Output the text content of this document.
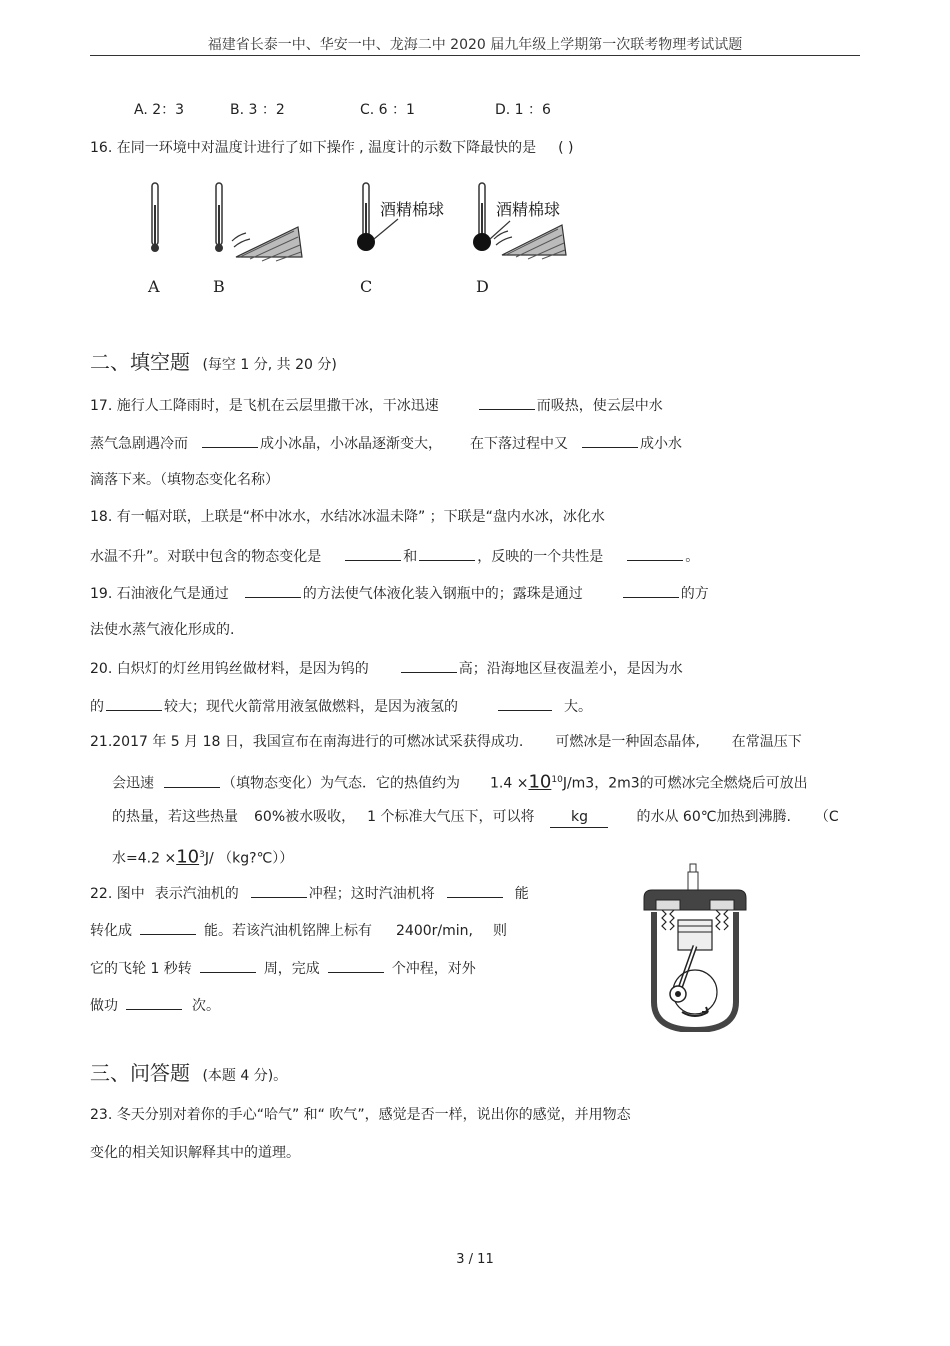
福建省长泰一中、华安一中、龙海二中 2020 届九年级上学期第一次联考物理考试试题
A. 2：3	B. 3 ：2	C. 6 ：1	D. 1 ：6
16. 在同一环境中对温度计进行了如下操作 , 温度计的示数下降最快的是 ( )
酒精棉球	酒精棉球
A	B	C	D
二、填空题 (每空 1 分, 共 20 分)
17. 施行人工降雨时，是飞机在云层里撒干冰，干冰迅速	而吸热，使云层中水
蒸气急剧遇冷而	成小冰晶，小冰晶逐渐变大， 在下落过程中又	成小水
滴落下来。（填物态变化名称）
18. 有一幅对联，上联是“杯中冰水，水结冰冰温未降” ；下联是“盘内水冰，冰化水
水温不升”。对联中包含的物态变化是	和	，反映的一个共性是	。
19. 石油液化气是通过	的方法使气体液化装入钢瓶中的；露珠是通过	的方
法使水蒸气液化形成的.
20. 白炽灯的灯丝用钨丝做材料，是因为钨的	高；沿海地区昼夜温差小，是因为水
的	较大；现代火箭常用液氢做燃料，是因为液氢的	大。
21.2017 年 5 月 18 日，我国宣布在南海进行的可燃冰试采获得成功. 可燃冰是一种固态晶体, 在常温压下
会迅速	（填物态变化）为气态．它的热值约为 $1.4 \times 10^{10}J/m3$，2m3的可燃冰完全燃烧后可放出
的热量，若这些热量 60%被水吸收， 1 个标准大气压下，可以将	kg	的水从 60℃加热到沸腾. （C
水$=4.2 \times 10^3J/$ （kg?℃））
22. 图中 表示汽油机的	冲程；这时汽油机将	能
转化成	能。若该汽油机铭牌上标有 2400r/min, 则
它的飞轮 1 秒转	周，完成	个冲程，对外
做功	次。
三、问答题 (本题 4 分)。
23. 冬天分别对着你的手心“哈气” 和“ 吹气”，感觉是否一样，说出你的感觉，并用物态
变化的相关知识解释其中的道理。
3 / 11
